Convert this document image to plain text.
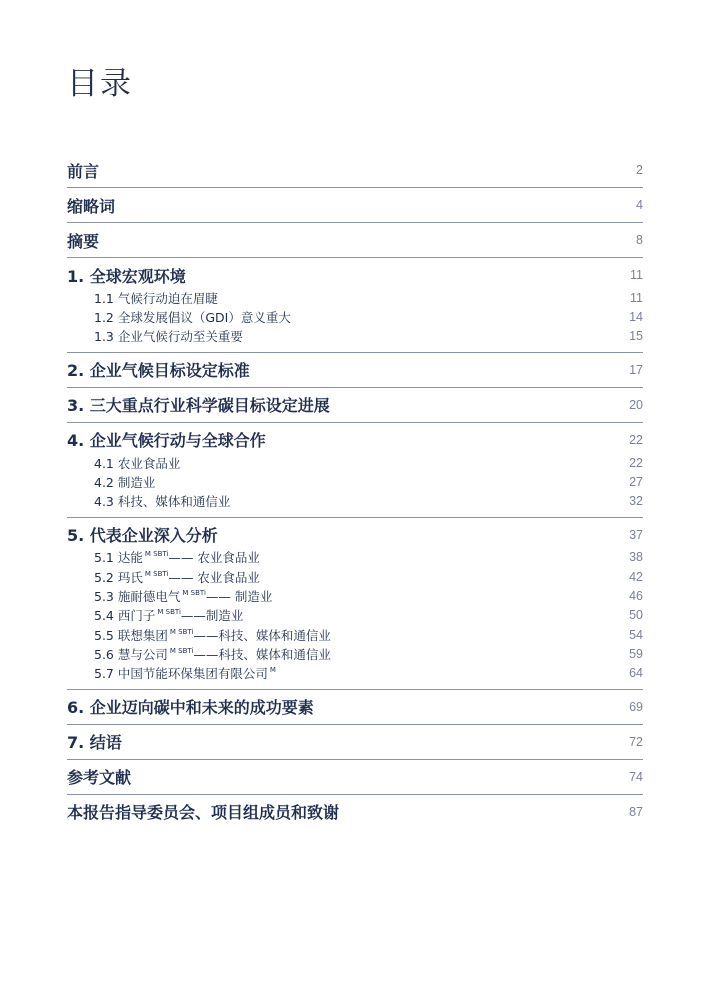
目录
前言	2
缩略词	4
摘要	8
1. 全球宏观环境	11
1.1 气候行动迫在眉睫	11
1.2 全球发展倡议（GDI）意义重大	14
1.3 企业气候行动至关重要	15
2. 企业气候目标设定标准	17
3. 三大重点行业科学碳目标设定进展	20
4. 企业气候行动与全球合作	22
4.1 农业食品业	22
4.2 制造业	27
4.3 科技、媒体和通信业	32
5. 代表企业深入分析	37
5.1 达能 $^{M SBTi}$—— 农业食品业	38
5.2 玛氏 $^{M SBTi}$—— 农业食品业	42
5.3 施耐德电气 $^{M SBTi}$—— 制造业	46
5.4 西门子 $^{M SBTi}$——制造业	50
5.5 联想集团 $^{M SBTi}$——科技、媒体和通信业	54
5.6 慧与公司 $^{M SBTi}$——科技、媒体和通信业	59
5.7 中国节能环保集团有限公司 $^M$	64
6. 企业迈向碳中和未来的成功要素	69
7. 结语	72
参考文献	74
本报告指导委员会、项目组成员和致谢	87
